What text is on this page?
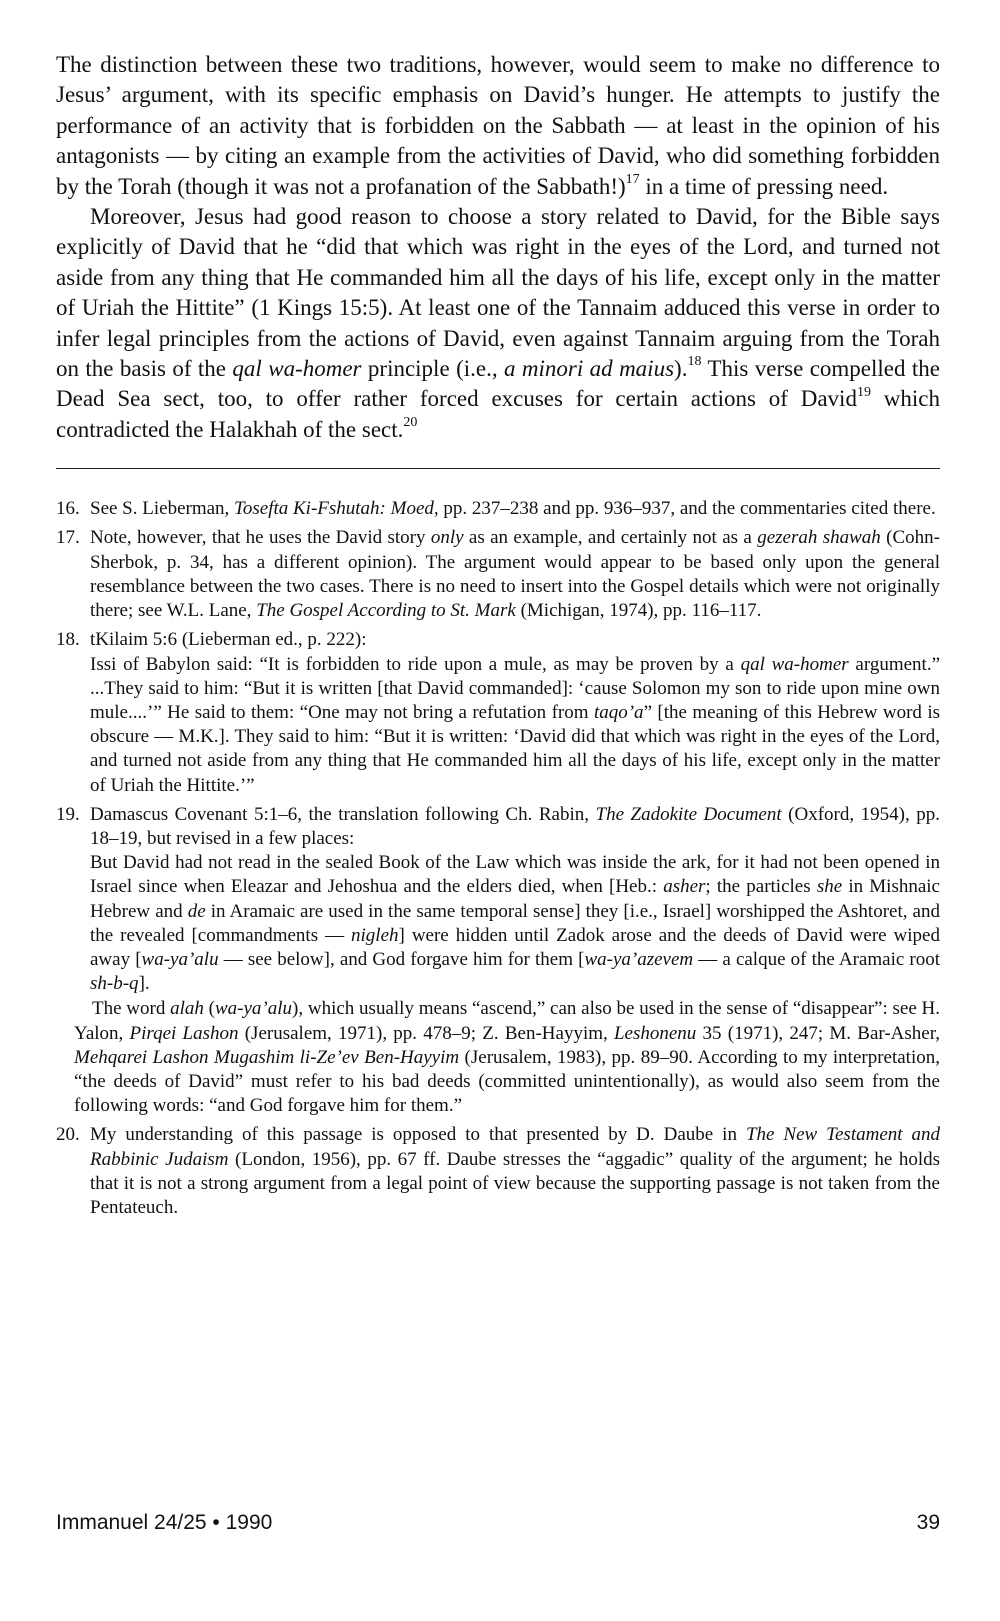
The distinction between these two traditions, however, would seem to make no difference to Jesus’ argument, with its specific emphasis on David’s hunger. He attempts to justify the performance of an activity that is forbidden on the Sabbath — at least in the opinion of his antagonists — by citing an example from the activities of David, who did something forbidden by the Torah (though it was not a profanation of the Sabbath!)$^{17}$ in a time of pressing need.

Moreover, Jesus had good reason to choose a story related to David, for the Bible says explicitly of David that he “did that which was right in the eyes of the Lord, and turned not aside from any thing that He commanded him all the days of his life, except only in the matter of Uriah the Hittite” (1 Kings 15:5). At least one of the Tannaim adduced this verse in order to infer legal principles from the actions of David, even against Tannaim arguing from the Torah on the basis of the qal wa-homer principle (i.e., a minori ad maius).$^{18}$ This verse compelled the Dead Sea sect, too, to offer rather forced excuses for certain actions of David$^{19}$ which contradicted the Halakhah of the sect.$^{20}$

16. See S. Lieberman, Tosefta Ki-Fshutah: Moed, pp. 237–238 and pp. 936–937, and the commentaries cited there.
17. Note, however, that he uses the David story only as an example, and certainly not as a gezerah shawah (Cohn-Sherbok, p. 34, has a different opinion). The argument would appear to be based only upon the general resemblance between the two cases. There is no need to insert into the Gospel details which were not originally there; see W.L. Lane, The Gospel According to St. Mark (Michigan, 1974), pp. 116–117.
18. tKilaim 5:6 (Lieberman ed., p. 222):

Issi of Babylon said: “It is forbidden to ride upon a mule, as may be proven by a qal wa-homer argument.” ...They said to him: “But it is written [that David commanded]: ‘cause Solomon my son to ride upon mine own mule....’” He said to them: “One may not bring a refutation from taqo’a” [the meaning of this Hebrew word is obscure — M.K.]. They said to him: “But it is written: ‘David did that which was right in the eyes of the Lord, and turned not aside from any thing that He commanded him all the days of his life, except only in the matter of Uriah the Hittite.’”

19. Damascus Covenant 5:1–6, the translation following Ch. Rabin, The Zadokite Document (Oxford, 1954), pp. 18–19, but revised in a few places:

But David had not read in the sealed Book of the Law which was inside the ark, for it had not been opened in Israel since when Eleazar and Jehoshua and the elders died, when [Heb.: asher; the particles she in Mishnaic Hebrew and de in Aramaic are used in the same temporal sense] they [i.e., Israel] worshipped the Ashtoret, and the revealed [commandments — nigleh] were hidden until Zadok arose and the deeds of David were wiped away [wa-ya’alu — see below], and God forgave him for them [wa-ya’azevem — a calque of the Aramaic root sh-b-q].

The word alah (wa-ya’alu), which usually means “ascend,” can also be used in the sense of “disappear”: see H. Yalon, Pirqei Lashon (Jerusalem, 1971), pp. 478–9; Z. Ben-Hayyim, Leshonenu 35 (1971), 247; M. Bar-Asher, Mehqarei Lashon Mugashim li-Ze’ev Ben-Hayyim (Jerusalem, 1983), pp. 89–90. According to my interpretation, “the deeds of David” must refer to his bad deeds (committed unintentionally), as would also seem from the following words: “and God forgave him for them.”

20. My understanding of this passage is opposed to that presented by D. Daube in The New Testament and Rabbinic Judaism (London, 1956), pp. 67 ff. Daube stresses the “aggadic” quality of the argument; he holds that it is not a strong argument from a legal point of view because the supporting passage is not taken from the Pentateuch.
Immanuel 24/25 • 1990	39
